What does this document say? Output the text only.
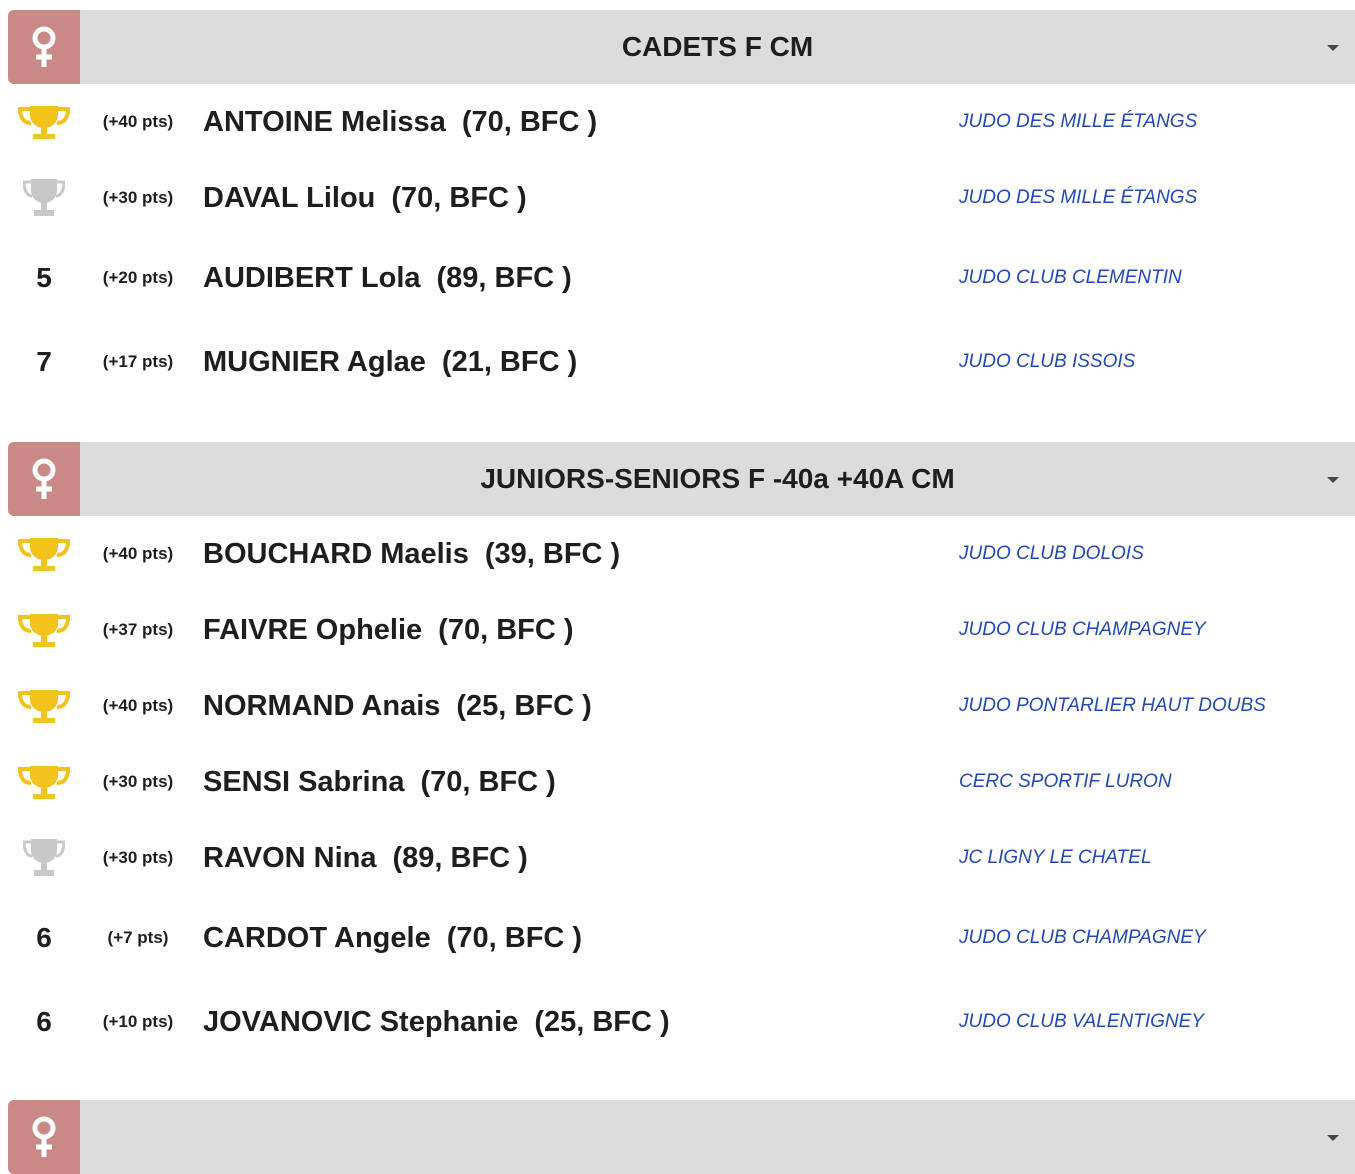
CADETS F CM
(+40 pts)	ANTOINE Melissa (70, BFC )	JUDO DES MILLE ÉTANGS
(+30 pts)	DAVAL Lilou (70, BFC )	JUDO DES MILLE ÉTANGS
5	(+20 pts)	AUDIBERT Lola (89, BFC )	JUDO CLUB CLEMENTIN
7	(+17 pts)	MUGNIER Aglae (21, BFC )	JUDO CLUB ISSOIS
JUNIORS-SENIORS F -40a +40A CM
(+40 pts)	BOUCHARD Maelis (39, BFC )	JUDO CLUB DOLOIS
(+37 pts)	FAIVRE Ophelie (70, BFC )	JUDO CLUB CHAMPAGNEY
(+40 pts)	NORMAND Anais (25, BFC )	JUDO PONTARLIER HAUT DOUBS
(+30 pts)	SENSI Sabrina (70, BFC )	CERC SPORTIF LURON
(+30 pts)	RAVON Nina (89, BFC )	JC LIGNY LE CHATEL
6	(+7 pts)	CARDOT Angele (70, BFC )	JUDO CLUB CHAMPAGNEY
6	(+10 pts)	JOVANOVIC Stephanie (25, BFC )	JUDO CLUB VALENTIGNEY
